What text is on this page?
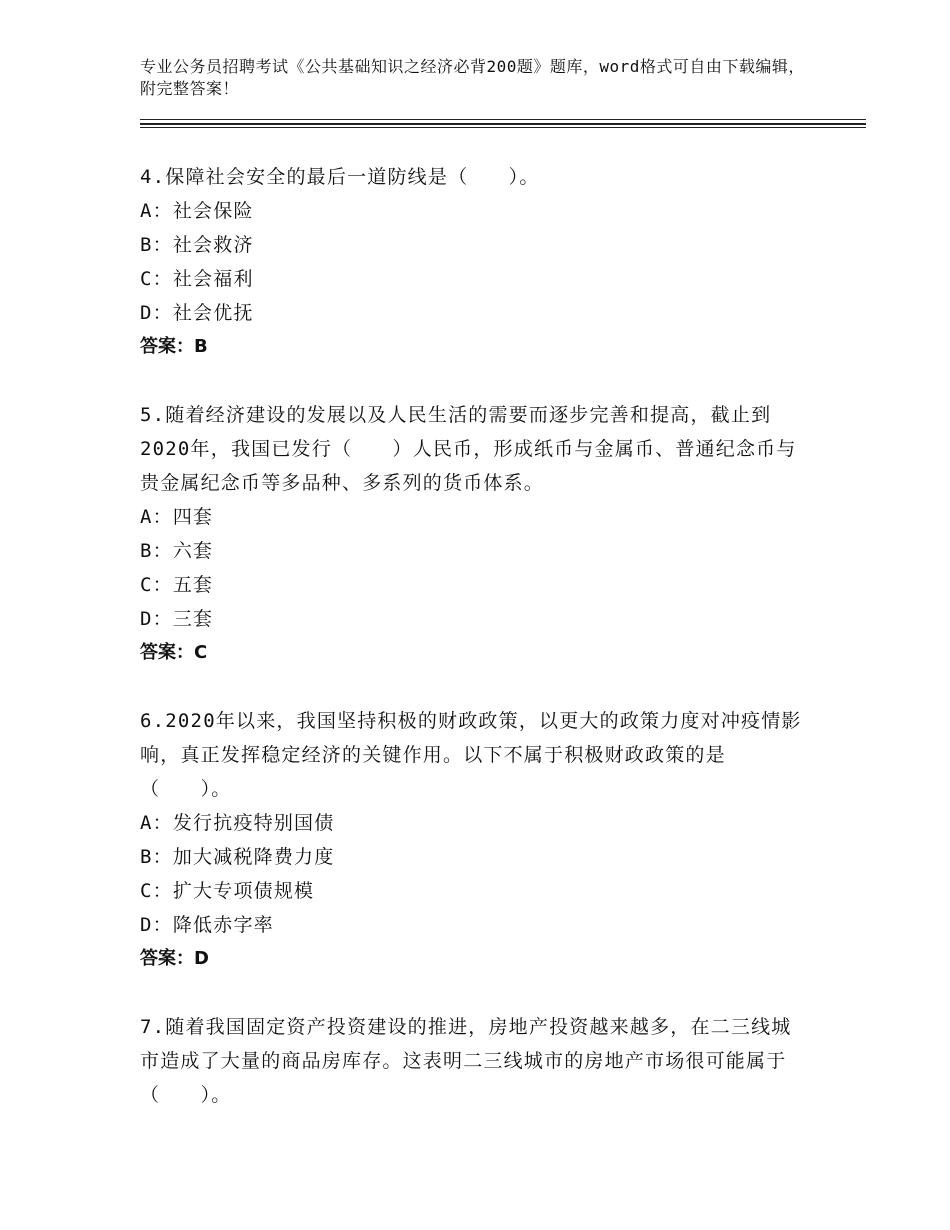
专业公务员招聘考试《公共基础知识之经济必背200题》题库，word格式可自由下载编辑，附完整答案！
4.保障社会安全的最后一道防线是（　　）。
A：社会保险
B：社会救济
C：社会福利
D：社会优抚
答案：B
5.随着经济建设的发展以及人民生活的需要而逐步完善和提高，截止到2020年，我国已发行（　　）人民币，形成纸币与金属币、普通纪念币与贵金属纪念币等多品种、多系列的货币体系。
A：四套
B：六套
C：五套
D：三套
答案：C
6.2020年以来，我国坚持积极的财政政策，以更大的政策力度对冲疫情影响，真正发挥稳定经济的关键作用。以下不属于积极财政政策的是（　　）。
A：发行抗疫特别国债
B：加大减税降费力度
C：扩大专项债规模
D：降低赤字率
答案：D
7.随着我国固定资产投资建设的推进，房地产投资越来越多，在二三线城市造成了大量的商品房库存。这表明二三线城市的房地产市场很可能属于（　　）。
